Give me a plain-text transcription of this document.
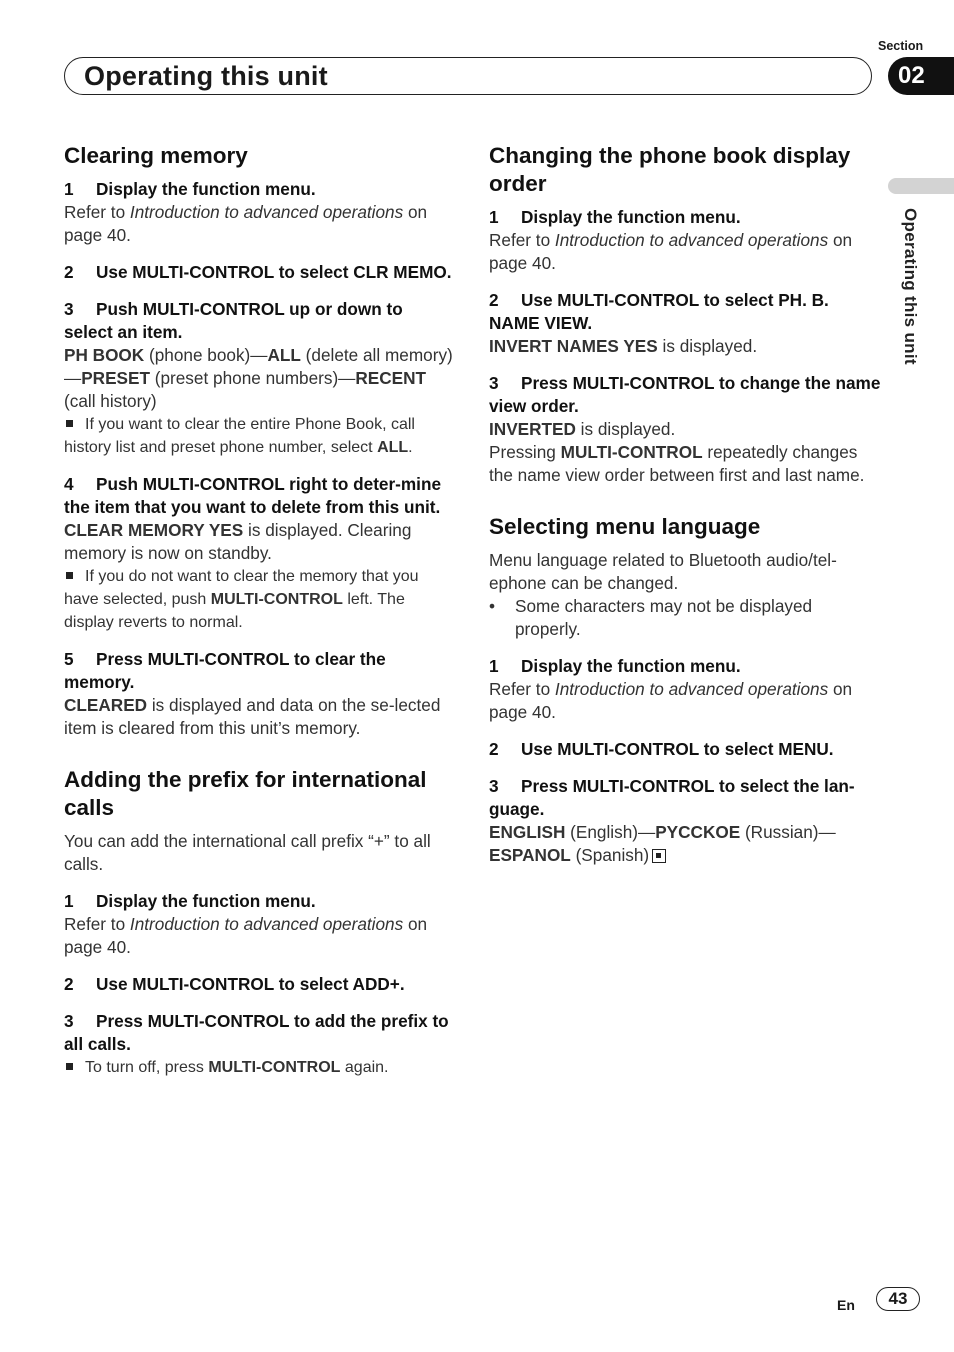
Section
Operating this unit	02
Operating this unit
Clearing memory

1 Display the function menu.

Refer to Introduction to advanced operations on page 40.

2 Use MULTI-CONTROL to select CLR MEMO.

3 Push MULTI-CONTROL up or down to select an item.

PH BOOK (phone book)—ALL (delete all memory)—PRESET (preset phone numbers)—RECENT (call history)

If you want to clear the entire Phone Book, call history list and preset phone number, select ALL.

4 Push MULTI-CONTROL right to deter-mine the item that you want to delete from this unit.

CLEAR MEMORY YES is displayed. Clearing memory is now on standby.

If you do not want to clear the memory that you have selected, push MULTI-CONTROL left. The display reverts to normal.

5 Press MULTI-CONTROL to clear the memory.

CLEARED is displayed and data on the se-lected item is cleared from this unit’s memory.

Adding the prefix for international calls

You can add the international call prefix “+” to all calls.

1 Display the function menu.

Refer to Introduction to advanced operations on page 40.

2 Use MULTI-CONTROL to select ADD+.

3 Press MULTI-CONTROL to add the prefix to all calls.

To turn off, press MULTI-CONTROL again.

Changing the phone book display order

1 Display the function menu.

Refer to Introduction to advanced operations on page 40.

2 Use MULTI-CONTROL to select PH. B. NAME VIEW.

INVERT NAMES YES is displayed.

3 Press MULTI-CONTROL to change the name view order.

INVERTED is displayed.

Pressing MULTI-CONTROL repeatedly changes the name view order between first and last name.

Selecting menu language

Menu language related to Bluetooth audio/tel-ephone can be changed.

• Some characters may not be displayed properly.

1 Display the function menu.

Refer to Introduction to advanced operations on page 40.

2 Use MULTI-CONTROL to select MENU.

3 Press MULTI-CONTROL to select the lan-guage.

ENGLISH (English)—PYCCKOE (Russian)—ESPANOL (Spanish)

En	43
